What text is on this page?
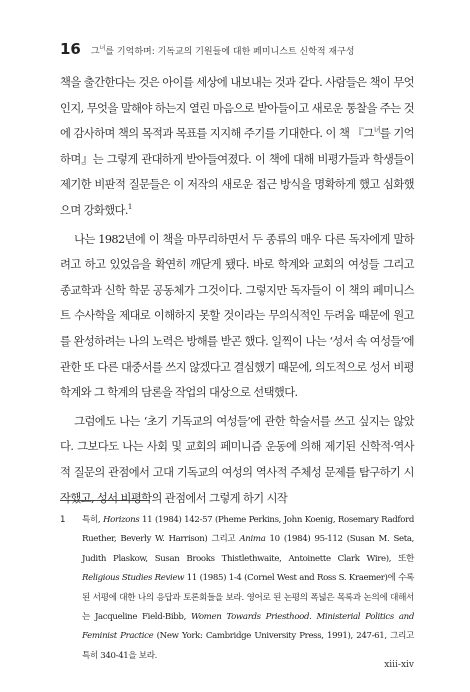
16 그$^녀$를 기억하며: 기독교의 기원들에 대한 페미니스트 신학적 재구성

책을 출간한다는 것은 아이를 세상에 내보내는 것과 같다. 사람들은 책이 무엇인지, 무엇을 말해야 하는지 열린 마음으로 받아들이고 새로운 통찰을 주는 것에 감사하며 책의 목적과 목표를 지지해 주기를 기대한다. 이 책 『그$^녀$를 기억하며』는 그렇게 관대하게 받아들여졌다. 이 책에 대해 비평가들과 학생들이 제기한 비판적 질문들은 이 저작의 새로운 접근 방식을 명확하게 했고 심화했으며 강화했다.$^1$

나는 1982년에 이 책을 마무리하면서 두 종류의 매우 다른 독자에게 말하려고 하고 있었음을 확연히 깨닫게 됐다. 바로 학계와 교회의 여성들 그리고 종교학과 신학 학문 공동체가 그것이다. 그렇지만 독자들이 이 책의 페미니스트 수사학을 제대로 이해하지 못할 것이라는 무의식적인 두려움 때문에 원고를 완성하려는 나의 노력은 방해를 받곤 했다. 일찍이 나는 ‘성서 속 여성들’에 관한 또 다른 대중서를 쓰지 않겠다고 결심했기 때문에, 의도적으로 성서 비평 학계와 그 학계의 담론을 작업의 대상으로 선택했다.

그럼에도 나는 ‘초기 기독교의 여성들’에 관한 학술서를 쓰고 싶지는 않았다. 그보다도 나는 사회 및 교회의 페미니즘 운동에 의해 제기된 신학적·역사적 질문의 관점에서 고대 기독교의 여성의 역사적 주체성 문제를 탐구하기 시작했고, 성서 비평학의 관점에서 그렇게 하기 시작

1	특히, Horizons 11 (1984) 142-57 (Pheme Perkins, John Koenig, Rosemary Radford Ruether, Beverly W. Harrison) 그리고 Anima 10 (1984) 95-112 (Susan M. Seta, Judith Plaskow, Susan Brooks Thistlethwaite, Antoinette Clark Wire), 또한 Religious Studies Review 11 (1985) 1-4 (Cornel West and Ross S. Kraemer)에 수록된 서평에 대한 나의 응답과 토론회들을 보라. 영어로 된 논평의 폭넓은 목록과 논의에 대해서는 Jacqueline Field-Bibb, Women Towards Priesthood. Ministerial Politics and Feminist Practice (New York: Cambridge University Press, 1991), 247-61, 그리고 특히 340-41을 보라.
xiii-xiv
